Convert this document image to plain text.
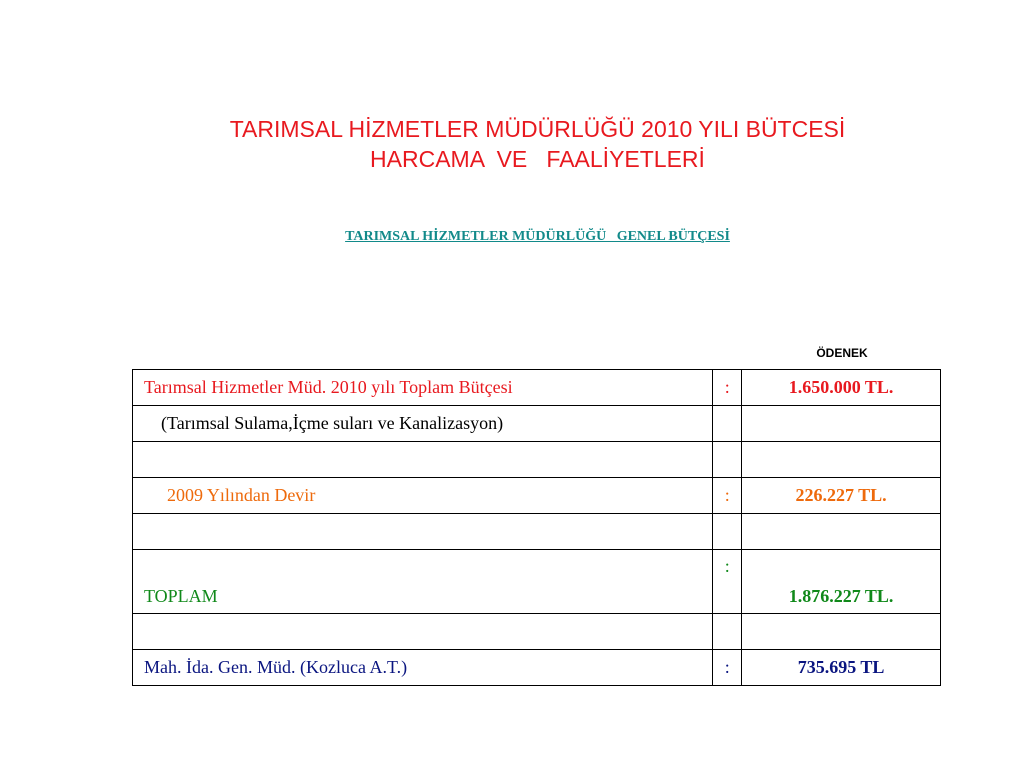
TARIMSAL HİZMETLER MÜDÜRLÜĞÜ 2010 YILI BÜTCESİ
HARCAMA  VE   FAALİYETLERİ
TARIMSAL HİZMETLER MÜDÜRLÜĞÜ   GENEL BÜTÇESİ
ÖDENEK
Tarımsal Hizmetler Müd. 2010 yılı Toplam Bütçesi	:	1.650.000 TL.
(Tarımsal Sulama,İçme suları ve Kanalizasyon)		

2009 Yılından Devir	:	226.227 TL.

TOPLAM	:	1.876.227 TL.

Mah. İda. Gen. Müd. (Kozluca A.T.)	:	735.695 TL
